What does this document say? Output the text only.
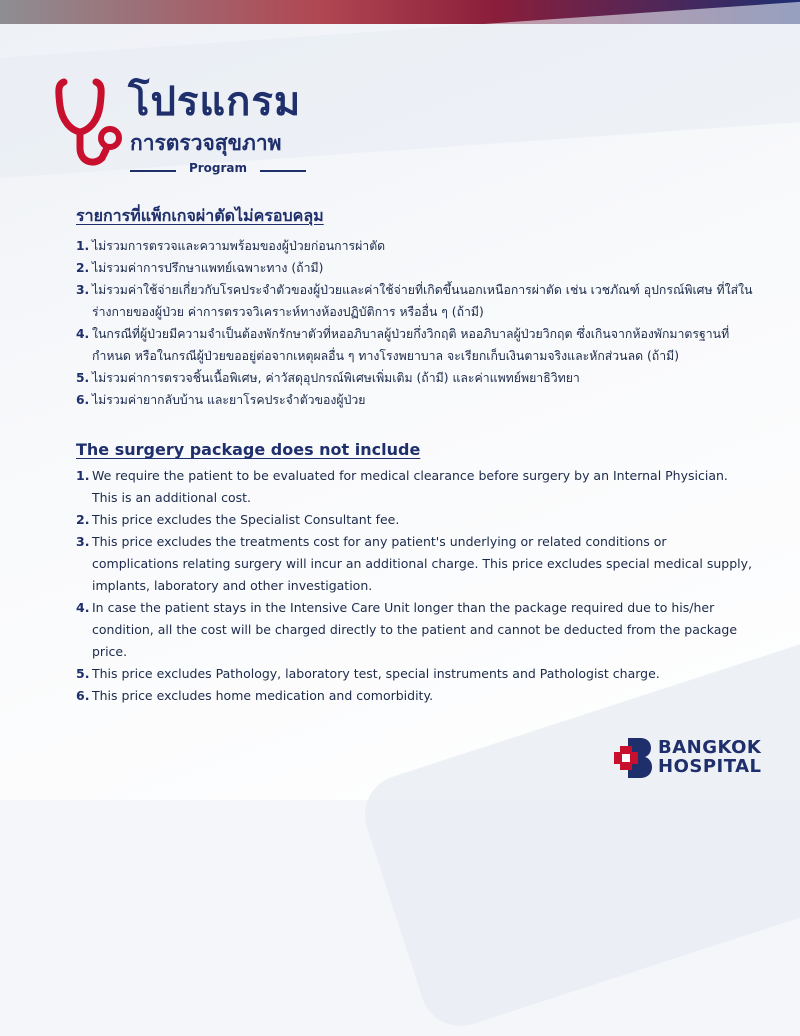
โปรแกรม
การตรวจสุขภาพ
Program
รายการที่แพ็กเกจผ่าตัดไม่ครอบคลุม
1. ไม่รวมการตรวจและความพร้อมของผู้ป่วยก่อนการผ่าตัด
2. ไม่รวมค่าการปรึกษาแพทย์เฉพาะทาง (ถ้ามี)
3. ไม่รวมค่าใช้จ่ายเกี่ยวกับโรคประจำตัวของผู้ป่วยและค่าใช้จ่ายที่เกิดขึ้นนอกเหนือการผ่าตัด เช่น เวชภัณฑ์ อุปกรณ์พิเศษ ที่ใส่ในร่างกายของผู้ป่วย ค่าการตรวจวิเคราะห์ทางห้องปฏิบัติการ หรืออื่น ๆ (ถ้ามี)
4. ในกรณีที่ผู้ป่วยมีความจำเป็นต้องพักรักษาตัวที่หออภิบาลผู้ป่วยกึ่งวิกฤติ หออภิบาลผู้ป่วยวิกฤต ซึ่งเกินจากห้องพักมาตรฐานที่กำหนด หรือในกรณีผู้ป่วยขออยู่ต่อจากเหตุผลอื่น ๆ ทางโรงพยาบาล จะเรียกเก็บเงินตามจริงและหักส่วนลด (ถ้ามี)
5. ไม่รวมค่าการตรวจชิ้นเนื้อพิเศษ, ค่าวัสดุอุปกรณ์พิเศษเพิ่มเติม (ถ้ามี) และค่าแพทย์พยาธิวิทยา
6. ไม่รวมค่ายากลับบ้าน และยาโรคประจำตัวของผู้ป่วย
The surgery package does not include
1. We require the patient to be evaluated for medical clearance before surgery by an Internal Physician. This is an additional cost.
2. This price excludes the Specialist Consultant fee.
3. This price excludes the treatments cost for any patient's underlying or related conditions or complications relating surgery will incur an additional charge. This price excludes special medical supply, implants, laboratory and other investigation.
4. In case the patient stays in the Intensive Care Unit longer than the package required due to his/her condition, all the cost will be charged directly to the patient and cannot be deducted from the package price.
5. This price excludes Pathology, laboratory test, special instruments and Pathologist charge.
6. This price excludes home medication and comorbidity.
BANGKOK
HOSPITAL
